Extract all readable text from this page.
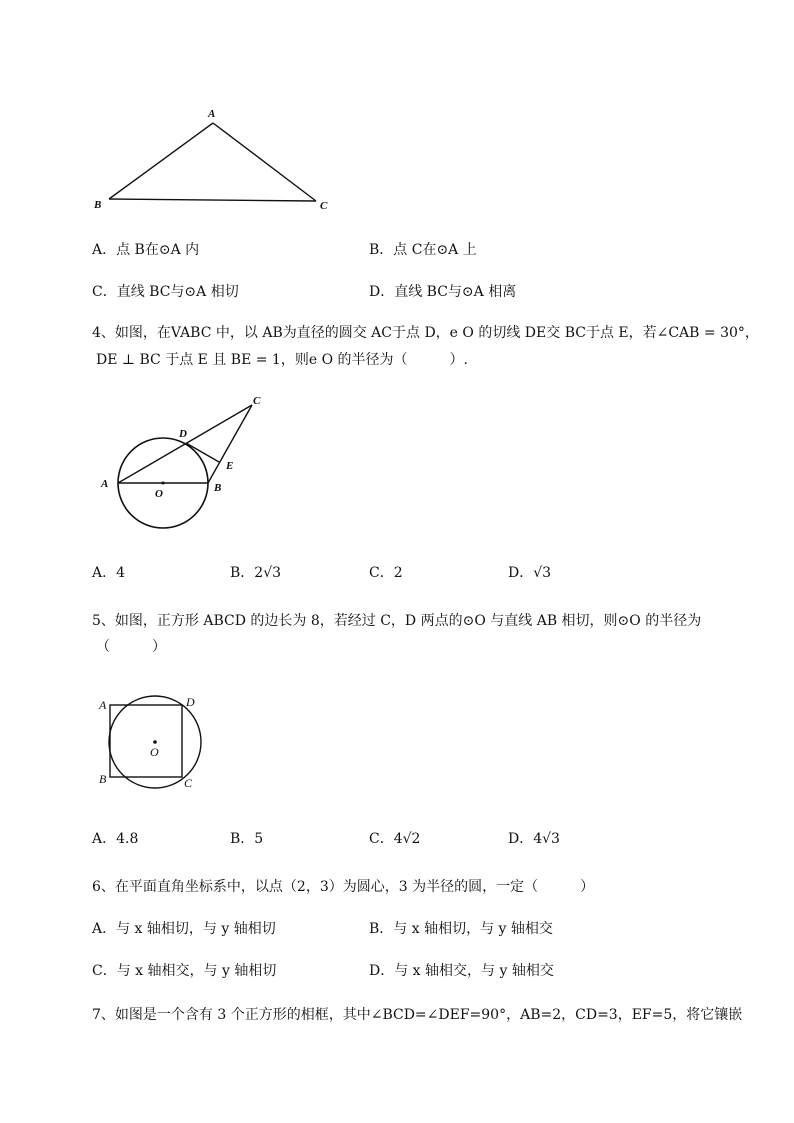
A
B	C
A．点 B在⊙A 内	B．点 C在⊙A 上
C．直线 BC与⊙A 相切	D．直线 BC与⊙A 相离
4、如图，在VABC 中，以 AB为直径的圆交 AC于点 D，e O 的切线 DE交 BC于点 E，若∠CAB = 30°，
DE ⊥ BC 于点 E 且 BE = 1，则e O 的半径为（　　　）.
A	B
C
D
E
O
A．4	B．2√3	C．2	D．√3
5、如图，正方形 ABCD 的边长为 8，若经过 C，D 两点的⊙O 与直线 AB 相切，则⊙O 的半径为
（　　　）
A
B	C
D
O
A．4.8	B．5	C．4√2	D．4√3
6、在平面直角坐标系中，以点（2，3）为圆心，3 为半径的圆，一定（　　　）
A．与 x 轴相切，与 y 轴相切	B．与 x 轴相切，与 y 轴相交
C．与 x 轴相交，与 y 轴相切	D．与 x 轴相交，与 y 轴相交
7、如图是一个含有 3 个正方形的相框，其中∠BCD=∠DEF=90°，AB=2，CD=3，EF=5，将它镶嵌
